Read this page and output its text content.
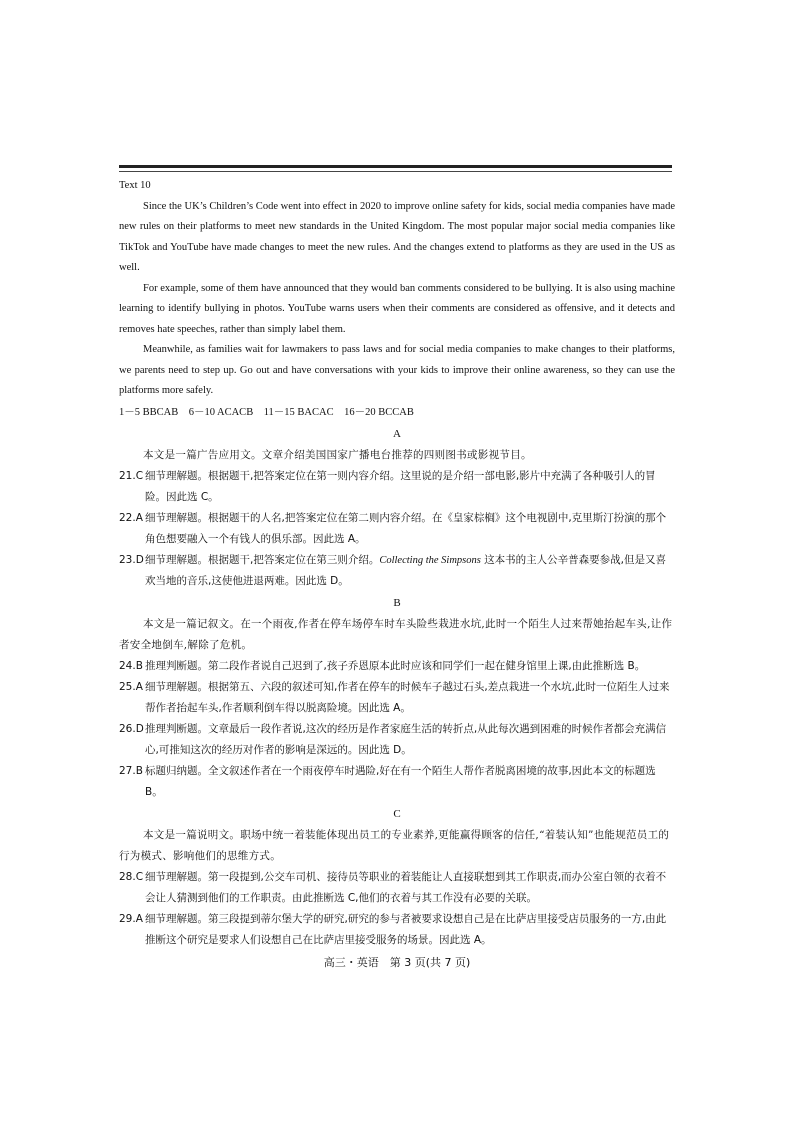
Text 10

Since the UK’s Children’s Code went into effect in 2020 to improve online safety for kids, social media companies have made new rules on their platforms to meet new standards in the United Kingdom. The most popular major social media companies like TikTok and YouTube have made changes to meet the new rules. And the changes extend to platforms as they are used in the US as well.

For example, some of them have announced that they would ban comments considered to be bullying. It is also using machine learning to identify bullying in photos. YouTube warns users when their comments are considered as offensive, and it detects and removes hate speeches, rather than simply label them.

Meanwhile, as families wait for lawmakers to pass laws and for social media companies to make changes to their platforms, we parents need to step up. Go out and have conversations with your kids to improve their online awareness, so they can use the platforms more safely.

1－5 BBCAB　6－10 ACACB　11－15 BACAC　16－20 BCCAB
A
本文是一篇广告应用文。文章介绍美国国家广播电台推荐的四则图书或影视节目。
21.C 细节理解题。根据题干,把答案定位在第一则内容介绍。这里说的是介绍一部电影,影片中充满了各种吸引人的冒险。因此选 C。
22.A 细节理解题。根据题干的人名,把答案定位在第二则内容介绍。在《皇家棕榈》这个电视剧中,克里斯汀扮演的那个角色想要融入一个有钱人的俱乐部。因此选 A。
23.D 细节理解题。根据题干,把答案定位在第三则介绍。Collecting the Simpsons 这本书的主人公辛普森要参战,但是又喜欢当地的音乐,这使他进退两难。因此选 D。
B
本文是一篇记叙文。在一个雨夜,作者在停车场停车时车头险些栽进水坑,此时一个陌生人过来帮她抬起车头,让作者安全地倒车,解除了危机。
24.B 推理判断题。第二段作者说自己迟到了,孩子乔恩原本此时应该和同学们一起在健身馆里上课,由此推断选 B。
25.A 细节理解题。根据第五、六段的叙述可知,作者在停车的时候车子越过石头,差点栽进一个水坑,此时一位陌生人过来帮作者抬起车头,作者顺利倒车得以脱离险境。因此选 A。
26.D 推理判断题。文章最后一段作者说,这次的经历是作者家庭生活的转折点,从此每次遇到困难的时候作者都会充满信心,可推知这次的经历对作者的影响是深远的。因此选 D。
27.B 标题归纳题。全文叙述作者在一个雨夜停车时遇险,好在有一个陌生人帮作者脱离困境的故事,因此本文的标题选 B。
C
本文是一篇说明文。职场中统一着装能体现出员工的专业素养,更能赢得顾客的信任,“着装认知”也能规范员工的行为模式、影响他们的思维方式。
28.C 细节理解题。第一段提到,公交车司机、接待员等职业的着装能让人直接联想到其工作职责,而办公室白领的衣着不会让人猜测到他们的工作职责。由此推断选 C,他们的衣着与其工作没有必要的关联。
29.A 细节理解题。第三段提到蒂尔堡大学的研究,研究的参与者被要求设想自己是在比萨店里接受店员服务的一方,由此推断这个研究是要求人们设想自己在比萨店里接受服务的场景。因此选 A。
高三・英语　第 3 页(共 7 页)
